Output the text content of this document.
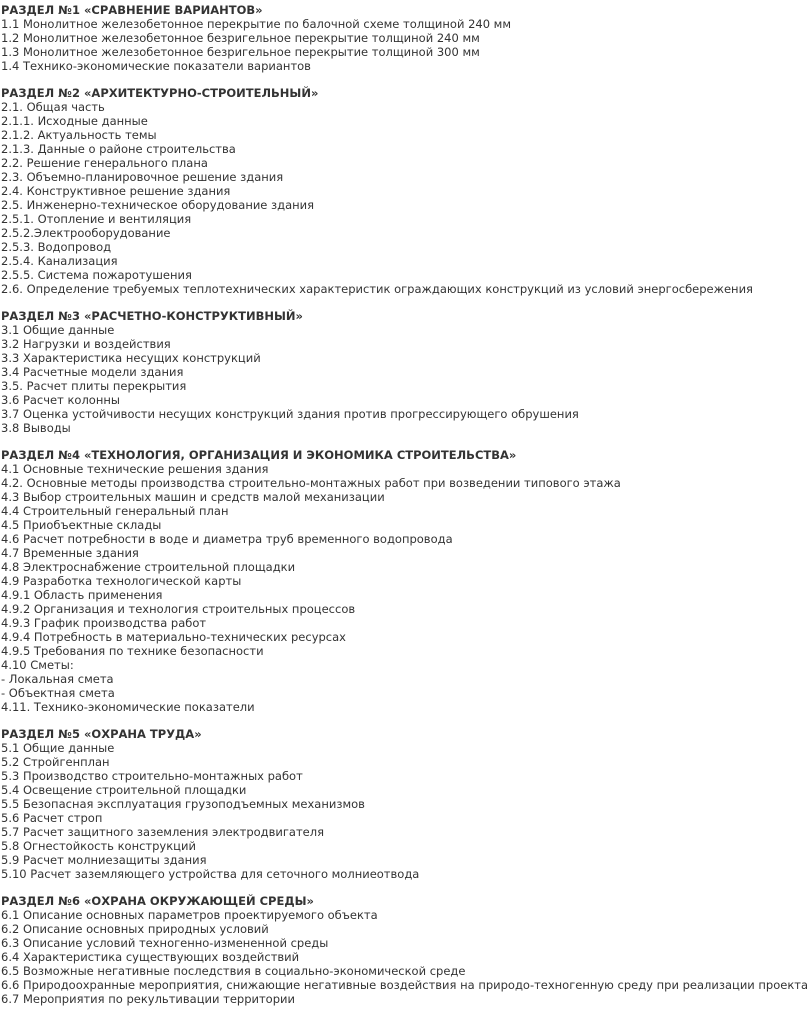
РАЗДЕЛ №1 «СРАВНЕНИЕ ВАРИАНТОВ»
1.1 Монолитное железобетонное перекрытие по балочной схеме толщиной 240 мм
1.2 Монолитное железобетонное безригельное перекрытие толщиной 240 мм
1.3 Монолитное железобетонное безригельное перекрытие толщиной 300 мм
1.4 Технико-экономические показатели вариантов
РАЗДЕЛ №2 «АРХИТЕКТУРНО-СТРОИТЕЛЬНЫЙ»
2.1. Общая часть
2.1.1. Исходные данные
2.1.2. Актуальность темы
2.1.3. Данные о районе строительства
2.2. Решение генерального плана
2.3. Объемно-планировочное решение здания
2.4. Конструктивное решение здания
2.5. Инженерно-техническое оборудование здания
2.5.1. Отопление и вентиляция
2.5.2.Электрооборудование
2.5.3. Водопровод
2.5.4. Канализация
2.5.5. Система пожаротушения
2.6. Определение требуемых теплотехнических характеристик ограждающих конструкций из условий энергосбережения
РАЗДЕЛ №3 «РАСЧЕТНО-КОНСТРУКТИВНЫЙ»
3.1 Общие данные
3.2 Нагрузки и воздействия
3.3 Характеристика несущих конструкций
3.4 Расчетные модели здания
3.5. Расчет плиты перекрытия
3.6 Расчет колонны
3.7 Оценка устойчивости несущих конструкций здания против прогрессирующего обрушения
3.8 Выводы
РАЗДЕЛ №4 «ТЕХНОЛОГИЯ, ОРГАНИЗАЦИЯ И ЭКОНОМИКА СТРОИТЕЛЬСТВА»
4.1 Основные технические решения здания
4.2. Основные методы производства строительно-монтажных работ при возведении типового этажа
4.3 Выбор строительных машин и средств малой механизации
4.4 Строительный генеральный план
4.5 Приобъектные склады
4.6 Расчет потребности в воде и диаметра труб временного водопровода
4.7 Временные здания
4.8 Электроснабжение строительной площадки
4.9 Разработка технологической карты
4.9.1 Область применения
4.9.2 Организация и технология строительных процессов
4.9.3 График производства работ
4.9.4 Потребность в материально-технических ресурсах
4.9.5 Требования по технике безопасности
4.10 Сметы:
- Локальная смета
- Объектная смета
4.11. Технико-экономические показатели
РАЗДЕЛ №5 «ОХРАНА ТРУДА»
5.1 Общие данные
5.2 Стройгенплан
5.3 Производство строительно-монтажных работ
5.4 Освещение строительной площадки
5.5 Безопасная эксплуатация грузоподъемных механизмов
5.6 Расчет строп
5.7 Расчет защитного заземления электродвигателя
5.8 Огнестойкость конструкций
5.9 Расчет молниезащиты здания
5.10 Расчет заземляющего устройства для сеточного молниеотвода
РАЗДЕЛ №6 «ОХРАНА ОКРУЖАЮЩЕЙ СРЕДЫ»
6.1 Описание основных параметров проектируемого объекта
6.2 Описание основных природных условий
6.3 Описание условий техногенно-измененной среды
6.4 Характеристика существующих воздействий
6.5 Возможные негативные последствия в социально-экономической среде
6.6 Природоохранные мероприятия, снижающие негативные воздействия на природо-техногенную среду при реализации проекта
6.7 Мероприятия по рекультивации территории
